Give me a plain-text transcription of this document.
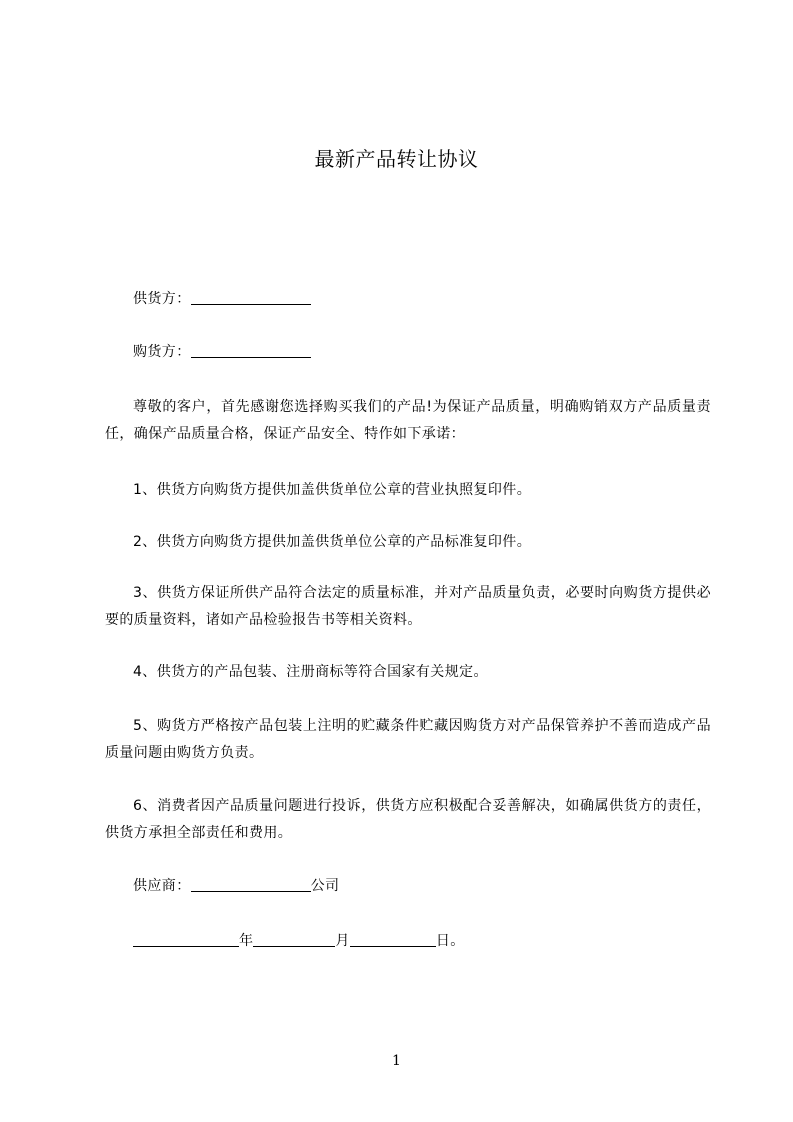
最新产品转让协议
供货方：
购货方：
尊敬的客户，首先感谢您选择购买我们的产品!为保证产品质量，明确购销双方产品质量责任，确保产品质量合格，保证产品安全、特作如下承诺：
1、供货方向购货方提供加盖供货单位公章的营业执照复印件。
2、供货方向购货方提供加盖供货单位公章的产品标准复印件。
3、供货方保证所供产品符合法定的质量标准，并对产品质量负责，必要时向购货方提供必要的质量资料，诸如产品检验报告书等相关资料。
4、供货方的产品包装、注册商标等符合国家有关规定。
5、购货方严格按产品包装上注明的贮藏条件贮藏因购货方对产品保管养护不善而造成产品质量问题由购货方负责。
6、消费者因产品质量问题进行投诉，供货方应积极配合妥善解决，如确属供货方的责任，供货方承担全部责任和费用。
供应商：	公司
年	月	日。
1
